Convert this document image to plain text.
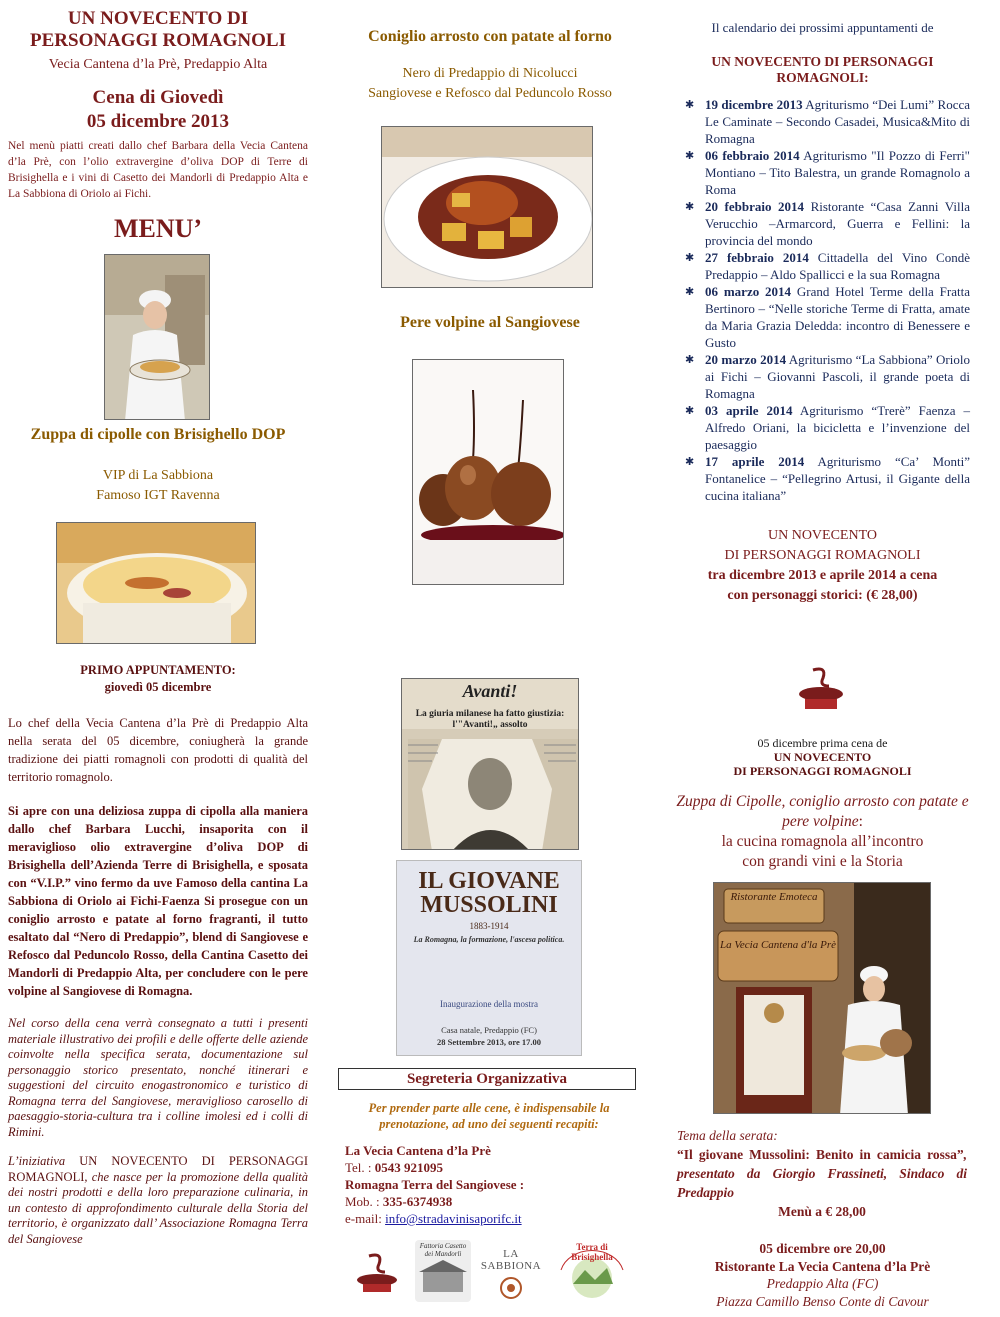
UN NOVECENTO DI
PERSONAGGI ROMAGNOLI
Vecia Cantena d’la Prè, Predappio Alta
Cena di Giovedì
05 dicembre 2013
Nel menù piatti creati dallo chef Barbara della Vecia Cantena d’la Prè, con l’olio extravergine d’oliva DOP di Terre di Brisighella e i vini di Casetto dei Mandorli di Predappio Alta e La Sabbiona di Oriolo ai Fichi.
MENU’
Zuppa di cipolle con Brisighello DOP
VIP di La Sabbiona
Famoso IGT Ravenna
Coniglio arrosto con patate al forno
Nero di Predappio di Nicolucci
Sangiovese e Refosco dal Peduncolo Rosso
Pere volpine al Sangiovese
Il calendario dei prossimi appuntamenti de
UN NOVECENTO DI PERSONAGGI
ROMAGNOLI:
✱ 19 dicembre 2013 Agriturismo “Dei Lumi” Rocca Le Caminate – Secondo Casadei, Musica&Mito di Romagna
✱ 06 febbraio 2014 Agriturismo "Il Pozzo di Ferri" Montiano – Tito Balestra, un grande Romagnolo a Roma
✱ 20 febbraio 2014 Ristorante “Casa Zanni Villa Verucchio –Armarcord, Guerra e Fellini: la provincia del mondo
✱ 27 febbraio 2014 Cittadella del Vino Condè Predappio – Aldo Spallicci e la sua Romagna
✱ 06 marzo 2014 Grand Hotel Terme della Fratta Bertinoro – “Nelle storiche Terme di Fratta, amate da Maria Grazia Deledda: incontro di Benessere e Gusto
✱ 20 marzo 2014 Agriturismo “La Sabbiona” Oriolo ai Fichi – Giovanni Pascoli, il grande poeta di Romagna
✱ 03 aprile 2014 Agriturismo “Trerè” Faenza – Alfredo Oriani, la bicicletta e l’invenzione del paesaggio
✱ 17 aprile 2014 Agriturismo “Ca’ Monti” Fontanelice – “Pellegrino Artusi, il Gigante della cucina italiana”
UN NOVECENTO
DI PERSONAGGI ROMAGNOLI
tra dicembre 2013 e aprile 2014 a cena
con personaggi storici: (€ 28,00)
PRIMO APPUNTAMENTO:
giovedì 05 dicembre
Lo chef della Vecia Cantena d’la Prè di Predappio Alta nella serata del 05 dicembre, coniugherà la grande tradizione dei piatti romagnoli con prodotti di qualità del territorio romagnolo.
Si apre con una deliziosa zuppa di cipolla alla maniera dallo chef Barbara Lucchi, insaporita con il meraviglioso olio extravergine d’oliva DOP di Brisighella dell’Azienda Terre di Brisighella, e sposata con “V.I.P.” vino fermo da uve Famoso della cantina La Sabbiona di Oriolo ai Fichi-Faenza Si prosegue con un coniglio arrosto e patate al forno fragranti, il tutto esaltato dal “Nero di Predappio”, blend di Sangiovese e Refosco dal Peduncolo Rosso, della Cantina Casetto dei Mandorli di Predappio Alta, per concludere con le pere volpine al Sangiovese di Romagna.
Nel corso della cena verrà consegnato a tutti i presenti materiale illustrativo dei profili e delle offerte delle aziende coinvolte nella specifica serata, documentazione sul personaggio storico presentato, nonché itinerari e suggestioni del circuito enogastronomico e turistico di Romagna terra del Sangiovese, meraviglioso carosello di paesaggio-storia-cultura tra i colline imolesi ed i colli di Rimini.
L’iniziativa UN NOVECENTO DI PERSONAGGI ROMAGNOLI, che nasce per la promozione della qualità dei nostri prodotti e della loro preparazione culinaria, in un contesto di approfondimento culturale della Storia del territorio, è organizzato dall’ Associazione Romagna Terra del Sangiovese
Avanti!
La giuria milanese ha fatto giustizia: l'"Avanti!„ assolto
IL GIOVANE
MUSSOLINI
1883-1914
La Romagna, la formazione, l'ascesa politica.
Inaugurazione della mostra
Casa natale, Predappio (FC)
28 Settembre 2013, ore 17.00
Segreteria Organizzativa
Per prender parte alle cene, è indispensabile la prenotazione, ad uno dei seguenti recapiti:
La Vecia Cantena d’la Prè
Tel. : 0543 921095
Romagna Terra del Sangiovese :
Mob. : 335-6374938
e-mail: info@stradavinisaporifc.it
Fattoria Casetto dei Mandorli	LA SABBIONA
Terra di Brisighella
05 dicembre prima cena de
UN NOVECENTO
DI PERSONAGGI ROMAGNOLI
Zuppa di Cipolle, coniglio arrosto con patate e pere volpine:
la cucina romagnola all’incontro
con grandi vini e la Storia
Ristorante Emoteca
La Vecia Cantena d'la Prè
Tema della serata:
“Il giovane Mussolini: Benito in camicia rossa”, presentato da Giorgio Frassineti, Sindaco di Predappio
Menù a € 28,00
05 dicembre ore 20,00
Ristorante La Vecia Cantena d’la Prè
Predappio Alta (FC)
Piazza Camillo Benso Conte di Cavour
